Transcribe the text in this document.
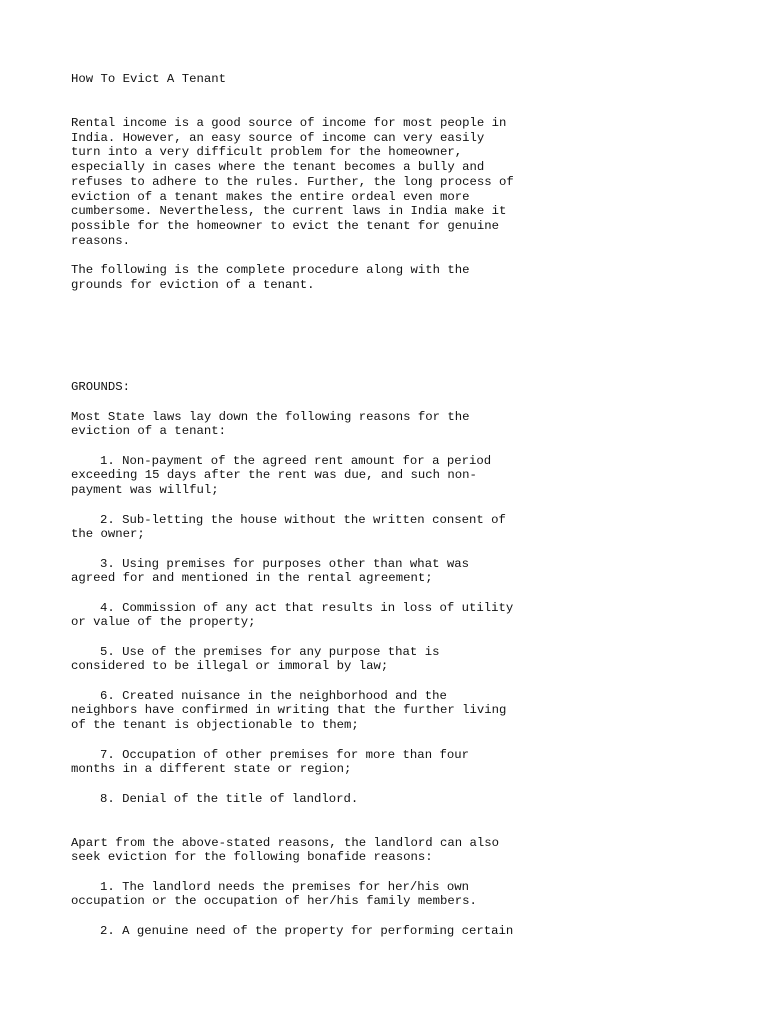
How To Evict A Tenant
Rental income is a good source of income for most people in
India. However, an easy source of income can very easily
turn into a very difficult problem for the homeowner,
especially in cases where the tenant becomes a bully and
refuses to adhere to the rules. Further, the long process of
eviction of a tenant makes the entire ordeal even more
cumbersome. Nevertheless, the current laws in India make it
possible for the homeowner to evict the tenant for genuine
reasons.
The following is the complete procedure along with the
grounds for eviction of a tenant.
GROUNDS:
Most State laws lay down the following reasons for the
eviction of a tenant:
1. Non-payment of the agreed rent amount for a period
exceeding 15 days after the rent was due, and such non-
payment was willful;
2. Sub-letting the house without the written consent of
the owner;
3. Using premises for purposes other than what was
agreed for and mentioned in the rental agreement;
4. Commission of any act that results in loss of utility
or value of the property;
5. Use of the premises for any purpose that is
considered to be illegal or immoral by law;
6. Created nuisance in the neighborhood and the
neighbors have confirmed in writing that the further living
of the tenant is objectionable to them;
7. Occupation of other premises for more than four
months in a different state or region;
8. Denial of the title of landlord.
Apart from the above-stated reasons, the landlord can also
seek eviction for the following bonafide reasons:
1. The landlord needs the premises for her/his own
occupation or the occupation of her/his family members.
2. A genuine need of the property for performing certain
